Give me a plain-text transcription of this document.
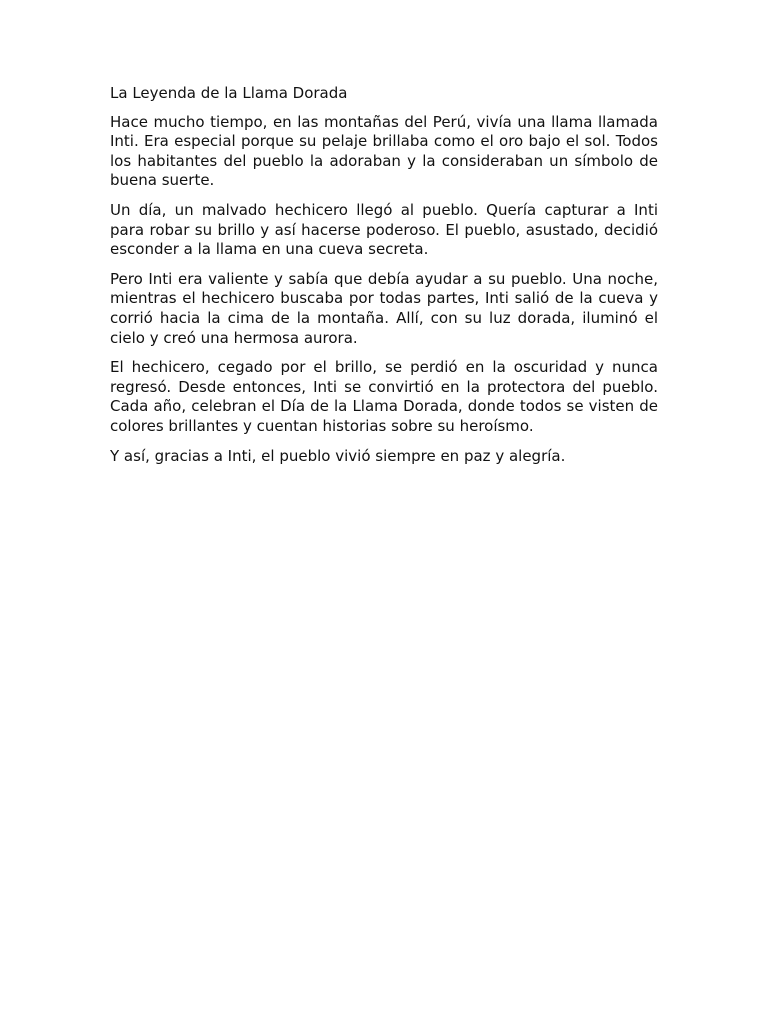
La Leyenda de la Llama Dorada

Hace mucho tiempo, en las montañas del Perú, vivía una llama llamada Inti. Era especial porque su pelaje brillaba como el oro bajo el sol. Todos los habitantes del pueblo la adoraban y la consideraban un símbolo de buena suerte.

Un día, un malvado hechicero llegó al pueblo. Quería capturar a Inti para robar su brillo y así hacerse poderoso. El pueblo, asustado, decidió esconder a la llama en una cueva secreta.

Pero Inti era valiente y sabía que debía ayudar a su pueblo. Una noche, mientras el hechicero buscaba por todas partes, Inti salió de la cueva y corrió hacia la cima de la montaña. Allí, con su luz dorada, iluminó el cielo y creó una hermosa aurora.

El hechicero, cegado por el brillo, se perdió en la oscuridad y nunca regresó. Desde entonces, Inti se convirtió en la protectora del pueblo. Cada año, celebran el Día de la Llama Dorada, donde todos se visten de colores brillantes y cuentan historias sobre su heroísmo.

Y así, gracias a Inti, el pueblo vivió siempre en paz y alegría.
